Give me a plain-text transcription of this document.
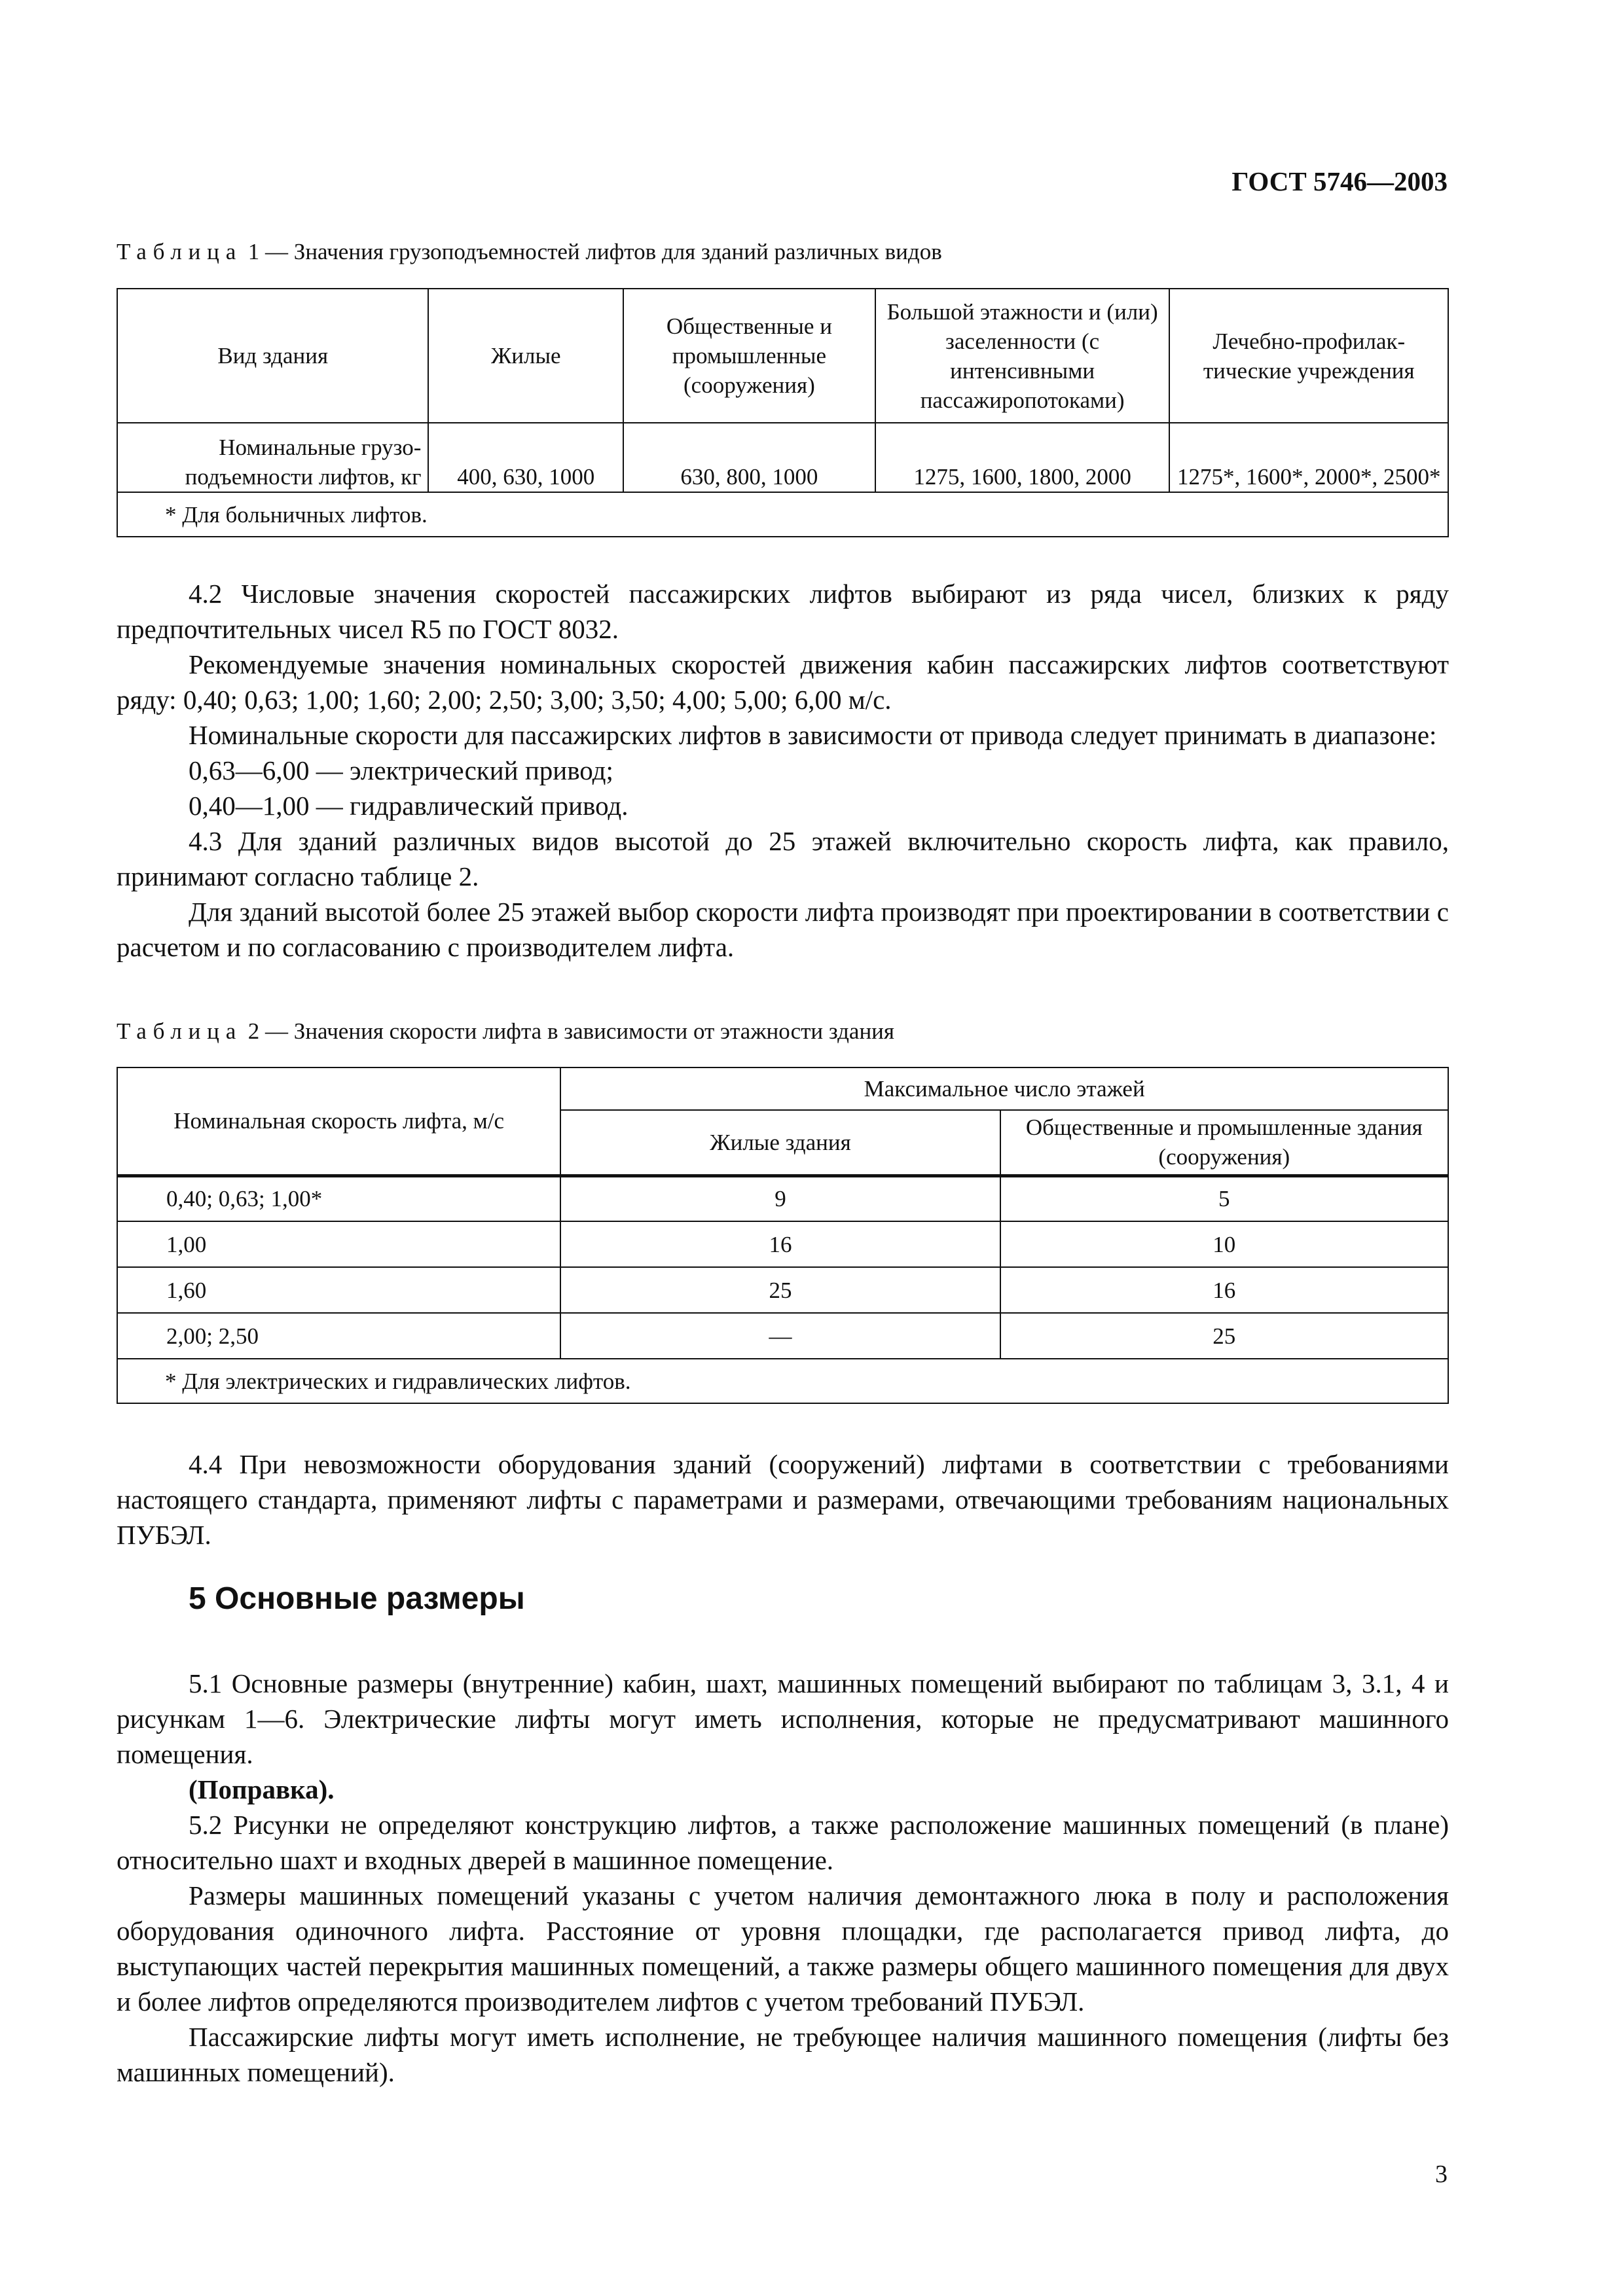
ГОСТ 5746—2003
Таблица 1 — Значения грузоподъемностей лифтов для зданий различных видов
Вид здания	Жилые	Общественные и промышленные (сооружения)	Большой этажности и (или) заселенности (с интенсивными пассажиропотоками)	Лечебно-профилак-тические учреждения
Номинальные грузо-подъемности лифтов, кг	400, 630, 1000	630, 800, 1000	1275, 1600, 1800, 2000	1275*, 1600*, 2000*, 2500*
* Для больничных лифтов.				

4.2 Числовые значения скоростей пассажирских лифтов выбирают из ряда чисел, близких к ряду предпочтительных чисел R5 по ГОСТ 8032.

Рекомендуемые значения номинальных скоростей движения кабин пассажирских лифтов соответствуют ряду: 0,40; 0,63; 1,00; 1,60; 2,00; 2,50; 3,00; 3,50; 4,00; 5,00; 6,00 м/с.

Номинальные скорости для пассажирских лифтов в зависимости от привода следует принимать в диапазоне:

0,63—6,00 — электрический привод;

0,40—1,00 — гидравлический привод.

4.3 Для зданий различных видов высотой до 25 этажей включительно скорость лифта, как правило, принимают согласно таблице 2.

Для зданий высотой более 25 этажей выбор скорости лифта производят при проектировании в соответствии с расчетом и по согласованию с производителем лифта.

Таблица 2 — Значения скорости лифта в зависимости от этажности здания
Номинальная скорость лифта, м/с	Максимальное число этажей	
	Жилые здания	Общественные и промышленные здания (сооружения)
0,40; 0,63; 1,00*	9	5
1,00	16	10
1,60	25	16
2,00; 2,50	—	25
* Для электрических и гидравлических лифтов.		

4.4 При невозможности оборудования зданий (сооружений) лифтами в соответствии с требованиями настоящего стандарта, применяют лифты с параметрами и размерами, отвечающими требованиям национальных ПУБЭЛ.

5 Основные размеры

5.1 Основные размеры (внутренние) кабин, шахт, машинных помещений выбирают по таблицам 3, 3.1, 4 и рисункам 1—6. Электрические лифты могут иметь исполнения, которые не предусматривают машинного помещения.

(Поправка).

5.2 Рисунки не определяют конструкцию лифтов, а также расположение машинных помещений (в плане) относительно шахт и входных дверей в машинное помещение.

Размеры машинных помещений указаны с учетом наличия демонтажного люка в полу и расположения оборудования одиночного лифта. Расстояние от уровня площадки, где располагается привод лифта, до выступающих частей перекрытия машинных помещений, а также размеры общего машинного помещения для двух и более лифтов определяются производителем лифтов с учетом требований ПУБЭЛ.

Пассажирские лифты могут иметь исполнение, не требующее наличия машинного помещения (лифты без машинных помещений).

3
